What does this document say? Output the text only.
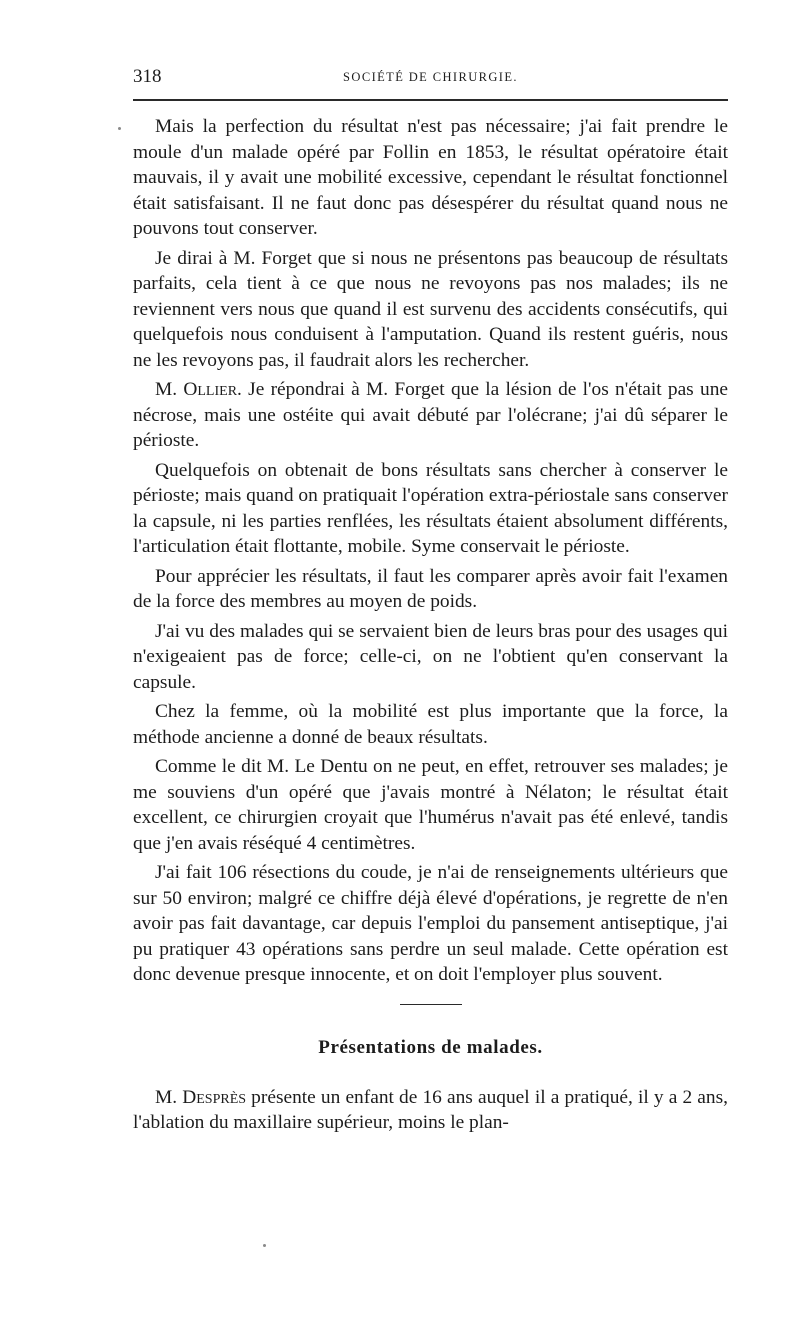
318	SOCIÉTÉ DE CHIRURGIE.

Mais la perfection du résultat n'est pas nécessaire; j'ai fait prendre le moule d'un malade opéré par Follin en 1853, le résultat opératoire était mauvais, il y avait une mobilité excessive, cependant le résultat fonctionnel était satisfaisant. Il ne faut donc pas désespérer du résultat quand nous ne pouvons tout conserver.

Je dirai à M. Forget que si nous ne présentons pas beaucoup de résultats parfaits, cela tient à ce que nous ne revoyons pas nos malades; ils ne reviennent vers nous que quand il est survenu des accidents consécutifs, qui quelquefois nous conduisent à l'amputation. Quand ils restent guéris, nous ne les revoyons pas, il faudrait alors les rechercher.

M. Ollier. Je répondrai à M. Forget que la lésion de l'os n'était pas une nécrose, mais une ostéite qui avait débuté par l'olécrane; j'ai dû séparer le périoste.

Quelquefois on obtenait de bons résultats sans chercher à conserver le périoste; mais quand on pratiquait l'opération extra-périostale sans conserver la capsule, ni les parties renflées, les résultats étaient absolument différents, l'articulation était flottante, mobile. Syme conservait le périoste.

Pour apprécier les résultats, il faut les comparer après avoir fait l'examen de la force des membres au moyen de poids.

J'ai vu des malades qui se servaient bien de leurs bras pour des usages qui n'exigeaient pas de force; celle-ci, on ne l'obtient qu'en conservant la capsule.

Chez la femme, où la mobilité est plus importante que la force, la méthode ancienne a donné de beaux résultats.

Comme le dit M. Le Dentu on ne peut, en effet, retrouver ses malades; je me souviens d'un opéré que j'avais montré à Nélaton; le résultat était excellent, ce chirurgien croyait que l'humérus n'avait pas été enlevé, tandis que j'en avais réséqué 4 centimètres.

J'ai fait 106 résections du coude, je n'ai de renseignements ultérieurs que sur 50 environ; malgré ce chiffre déjà élevé d'opérations, je regrette de n'en avoir pas fait davantage, car depuis l'emploi du pansement antiseptique, j'ai pu pratiquer 43 opérations sans perdre un seul malade. Cette opération est donc devenue presque innocente, et on doit l'employer plus souvent.

Présentations de malades.

M. Desprès présente un enfant de 16 ans auquel il a pratiqué, il y a 2 ans, l'ablation du maxillaire supérieur, moins le plan-
